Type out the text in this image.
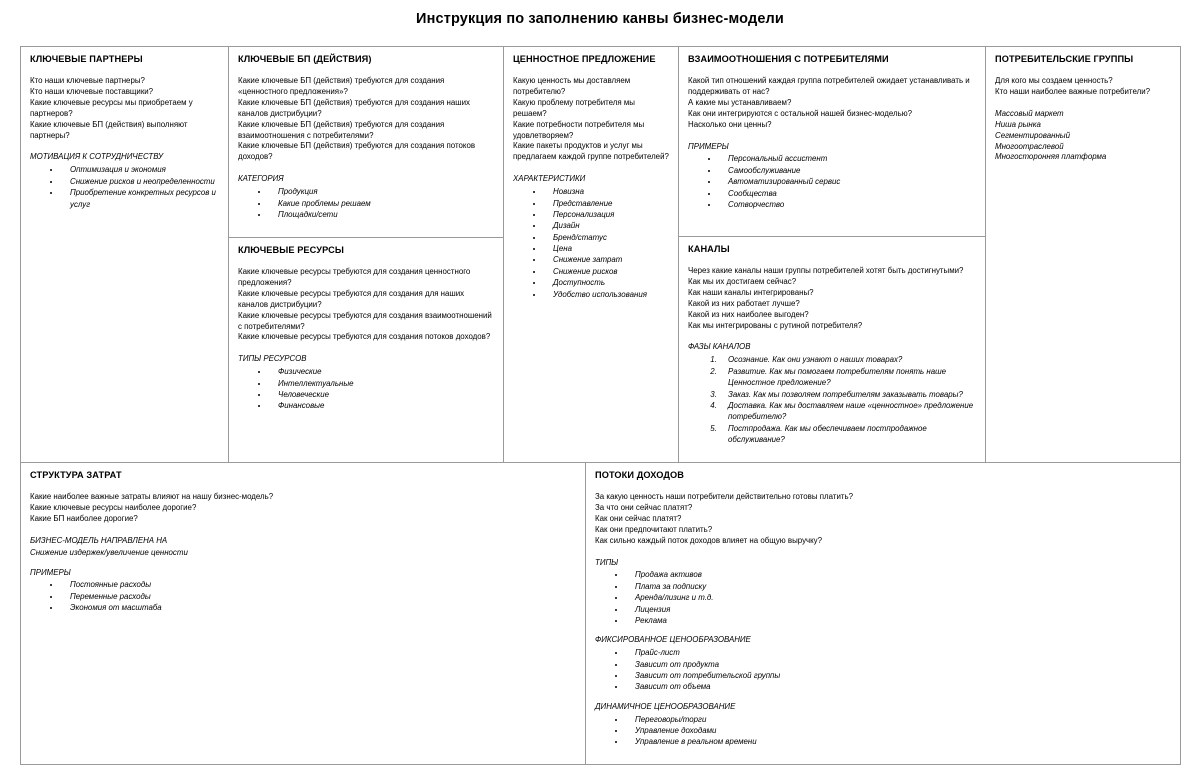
Инструкция по заполнению канвы бизнес-модели
КЛЮЧЕВЫЕ ПАРТНЕРЫ

Кто наши ключевые партнеры?

Кто наши ключевые поставщики?

Какие ключевые ресурсы мы приобретаем у партнеров?

Какие ключевые БП (действия) выполняют партнеры?

МОТИВАЦИЯ К СОТРУДНИЧЕСТВУ
• Оптимизация и экономия
• Снижение рисков и неопределенности
• Приобретение конкретных ресурсов и услуг
КЛЮЧЕВЫЕ БП (ДЕЙСТВИЯ)

Какие ключевые БП (действия) требуются для создания «ценностного предложения»?

Какие ключевые БП (действия) требуются для создания наших каналов дистрибуции?

Какие ключевые БП (действия) требуются для создания взаимоотношения с потребителями?

Какие ключевые БП (действия) требуются для создания потоков доходов?

КАТЕГОРИЯ
• Продукция
• Какие проблемы решаем
• Площадки/сети
КЛЮЧЕВЫЕ РЕСУРСЫ

Какие ключевые ресурсы требуются для создания ценностного предложения?

Какие ключевые ресурсы требуются для создания для наших каналов дистрибуции?

Какие ключевые ресурсы требуются для создания взаимоотношений с потребителями?

Какие ключевые ресурсы требуются для создания потоков доходов?

ТИПЫ РЕСУРСОВ
• Физические
• Интеллектуальные
• Человеческие
• Финансовые
ЦЕННОСТНОЕ ПРЕДЛОЖЕНИЕ

Какую ценность мы доставляем потребителю?

Какую проблему потребителя мы решаем?

Какие потребности потребителя мы удовлетворяем?

Какие пакеты продуктов и услуг мы предлагаем каждой группе потребителей?

ХАРАКТЕРИСТИКИ
• Новизна
• Представление
• Персонализация
• Дизайн
• Бренд/статус
• Цена
• Снижение затрат
• Снижение рисков
• Доступность
• Удобство использования
ВЗАИМООТНОШЕНИЯ С ПОТРЕБИТЕЛЯМИ

Какой тип отношений каждая группа потребителей ожидает устанавливать и поддерживать от нас?

А какие мы устанавливаем?

Как они интегрируются с остальной нашей бизнес-моделью?

Насколько они ценны?

ПРИМЕРЫ
• Персональный ассистент
• Самообслуживание
• Автоматизированный сервис
• Сообщества
• Сотворчество
КАНАЛЫ

Через какие каналы наши группы потребителей хотят быть достигнутыми?

Как мы их достигаем сейчас?

Как наши каналы интегрированы?

Какой из них работает лучше?

Какой из них наиболее выгоден?

Как мы интегрированы с рутиной потребителя?

ФАЗЫ КАНАЛОВ
1. Осознание. Как они узнают о наших товарах?
2. Развитие. Как мы помогаем потребителям понять наше Ценностное предложение?
3. Заказ. Как мы позволяем потребителям заказывать товары?
4. Доставка. Как мы доставляем наше «ценностное» предложение потребителю?
5. Постпродажа. Как мы обеспечиваем постпродажное обслуживание?
ПОТРЕБИТЕЛЬСКИЕ ГРУППЫ

Для кого мы создаем ценность?

Кто наши наиболее важные потребители?

Массовый маркет

Ниша рынка

Сегментированный

Многоотраслевой

Многосторонняя платформа

СТРУКТУРА ЗАТРАТ

Какие наиболее важные затраты влияют на нашу бизнес-модель?

Какие ключевые ресурсы наиболее дорогие?

Какие БП наиболее дорогие?

БИЗНЕС-МОДЕЛЬ НАПРАВЛЕНА НА
Снижение издержек/увеличение ценности
ПРИМЕРЫ
• Постоянные расходы
• Переменные расходы
• Экономия от масштаба
ПОТОКИ ДОХОДОВ

За какую ценность наши потребители действительно готовы платить?

За что они сейчас платят?

Как они сейчас платят?

Как они предпочитают платить?

Как сильно каждый поток доходов влияет на общую выручку?

ТИПЫ
• Продажа активов
• Плата за подписку
• Аренда/лизинг и т.д.
• Лицензия
• Реклама
ФИКСИРОВАННОЕ ЦЕНООБРАЗОВАНИЕ
• Прайс-лист
• Зависит от продукта
• Зависит от потребительской группы
• Зависит от объема
ДИНАМИЧНОЕ ЦЕНООБРАЗОВАНИЕ
• Переговоры/торги
• Управление доходами
• Управление в реальном времени
